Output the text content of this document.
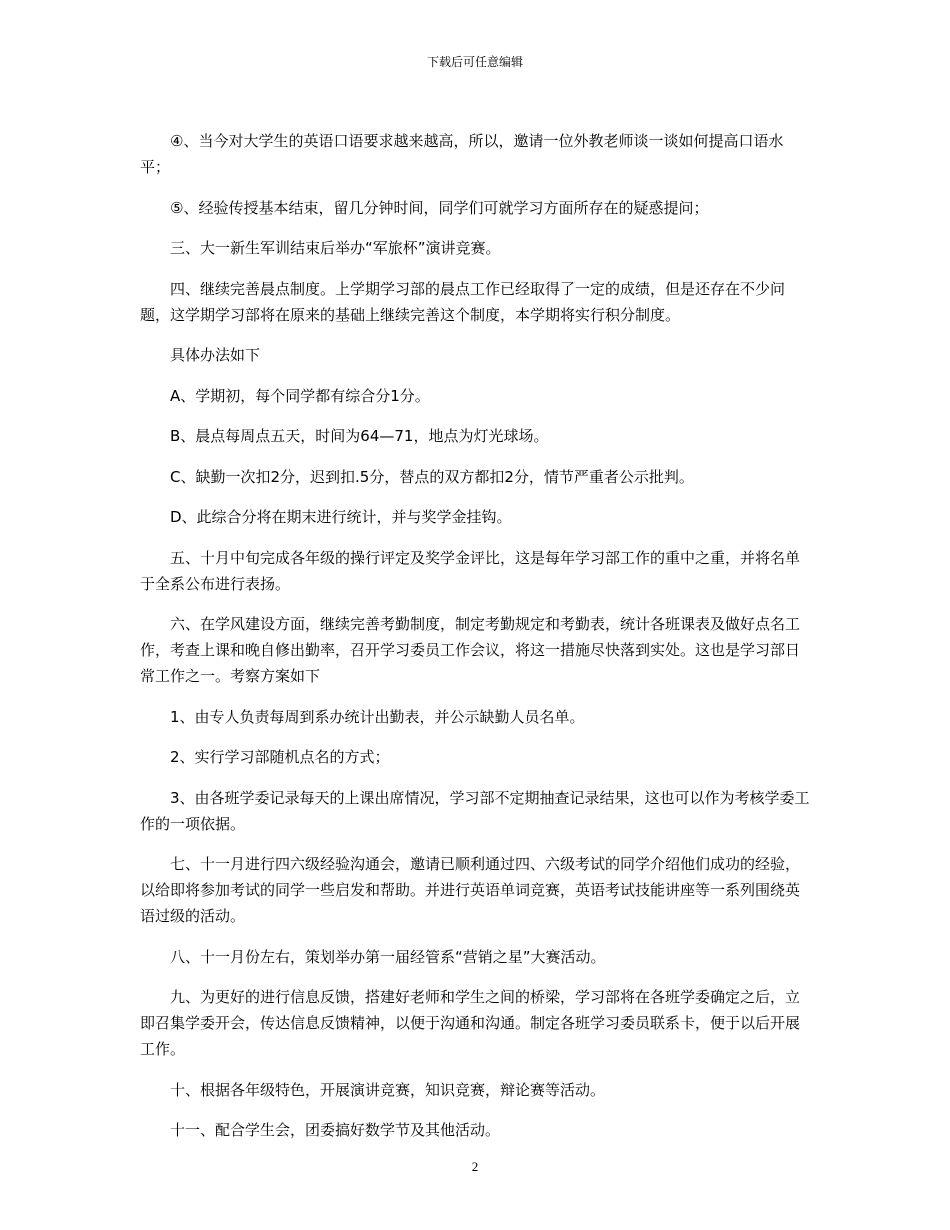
下载后可任意编辑

④、当今对大学生的英语口语要求越来越高，所以，邀请一位外教老师谈一谈如何提高口语水平；

⑤、经验传授基本结束，留几分钟时间，同学们可就学习方面所存在的疑惑提问；

三、大一新生军训结束后举办“军旅杯”演讲竞赛。

四、继续完善晨点制度。上学期学习部的晨点工作已经取得了一定的成绩，但是还存在不少问题，这学期学习部将在原来的基础上继续完善这个制度，本学期将实行积分制度。

具体办法如下

A、学期初，每个同学都有综合分1分。

B、晨点每周点五天，时间为64—71，地点为灯光球场。

C、缺勤一次扣2分，迟到扣.5分，替点的双方都扣2分，情节严重者公示批判。

D、此综合分将在期末进行统计，并与奖学金挂钩。

五、十月中旬完成各年级的操行评定及奖学金评比，这是每年学习部工作的重中之重，并将名单于全系公布进行表扬。

六、在学风建设方面，继续完善考勤制度，制定考勤规定和考勤表，统计各班课表及做好点名工作，考查上课和晚自修出勤率，召开学习委员工作会议，将这一措施尽快落到实处。这也是学习部日常工作之一。考察方案如下

1、由专人负责每周到系办统计出勤表，并公示缺勤人员名单。

2、实行学习部随机点名的方式；

3、由各班学委记录每天的上课出席情况，学习部不定期抽查记录结果，这也可以作为考核学委工作的一项依据。

七、十一月进行四六级经验沟通会，邀请已顺利通过四、六级考试的同学介绍他们成功的经验，以给即将参加考试的同学一些启发和帮助。并进行英语单词竞赛，英语考试技能讲座等一系列围绕英语过级的活动。

八、十一月份左右，策划举办第一届经管系“营销之星”大赛活动。

九、为更好的进行信息反馈，搭建好老师和学生之间的桥梁，学习部将在各班学委确定之后，立即召集学委开会，传达信息反馈精神，以便于沟通和沟通。制定各班学习委员联系卡，便于以后开展工作。

十、根据各年级特色，开展演讲竞赛，知识竞赛，辩论赛等活动。

十一、配合学生会，团委搞好数学节及其他活动。

2
